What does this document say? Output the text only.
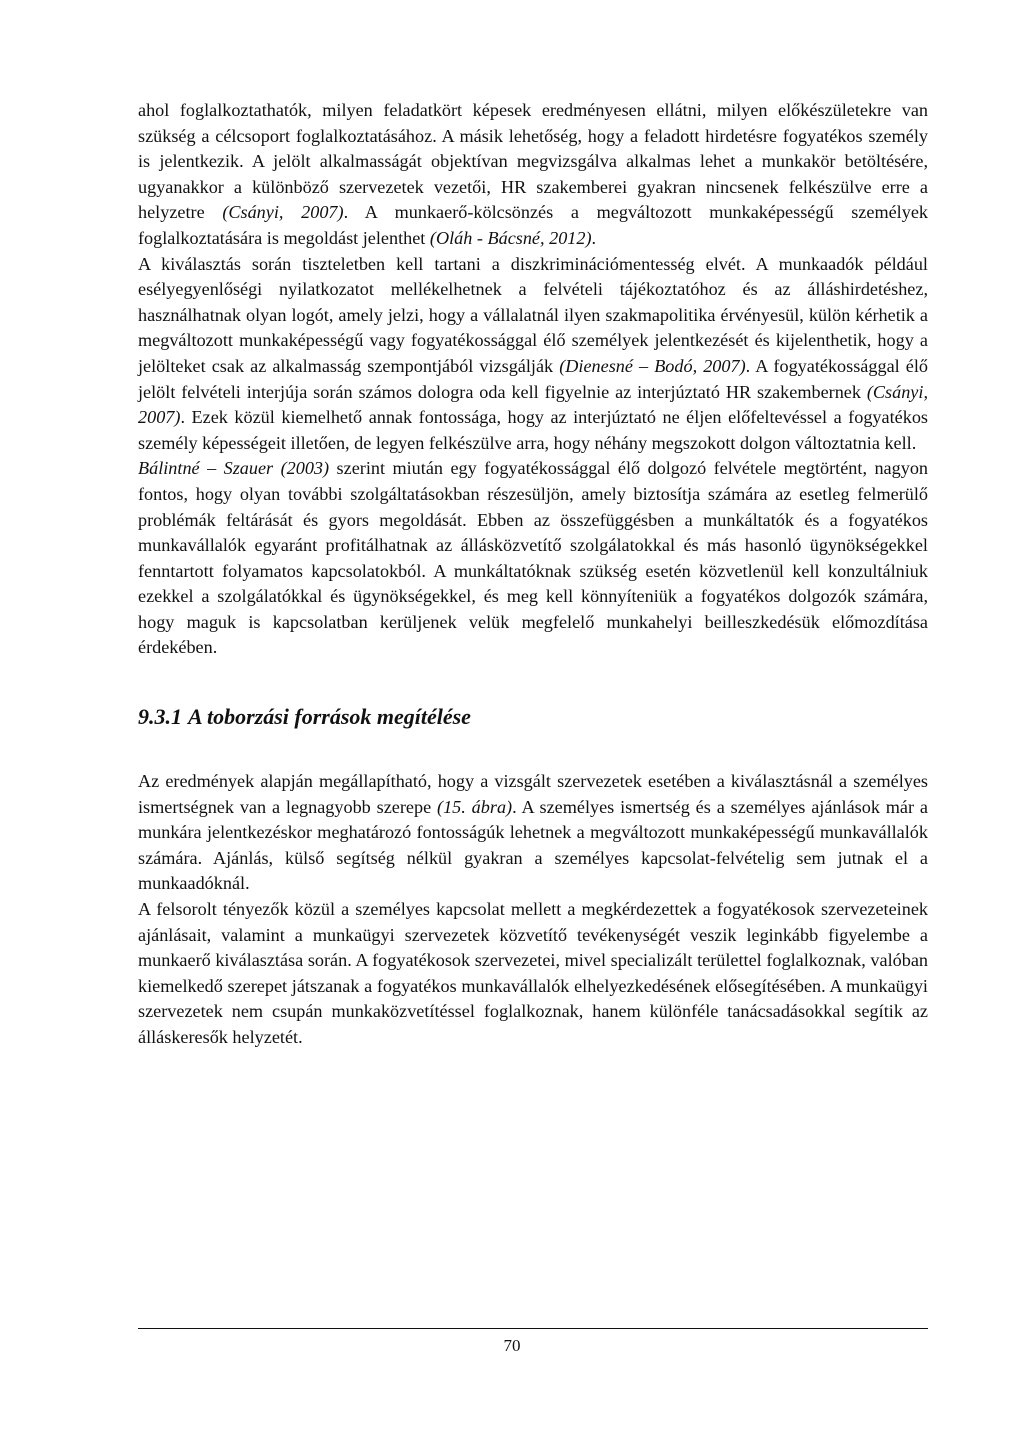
ahol foglalkoztathatók, milyen feladatkört képesek eredményesen ellátni, milyen előkészületekre van szükség a célcsoport foglalkoztatásához. A másik lehetőség, hogy a feladott hirdetésre fogyatékos személy is jelentkezik. A jelölt alkalmasságát objektívan megvizsgálva alkalmas lehet a munkakör betöltésére, ugyanakkor a különböző szervezetek vezetői, HR szakemberei gyakran nincsenek felkészülve erre a helyzetre (Csányi, 2007). A munkaerő-kölcsönzés a megváltozott munkaképességű személyek foglalkoztatására is megoldást jelenthet (Oláh - Bácsné, 2012).

A kiválasztás során tiszteletben kell tartani a diszkriminációmentesség elvét. A munkaadók például esélyegyenlőségi nyilatkozatot mellékelhetnek a felvételi tájékoztatóhoz és az álláshirdetéshez, használhatnak olyan logót, amely jelzi, hogy a vállalatnál ilyen szakmapolitika érvényesül, külön kérhetik a megváltozott munkaképességű vagy fogyatékossággal élő személyek jelentkezését és kijelenthetik, hogy a jelölteket csak az alkalmasság szempontjából vizsgálják (Dienesné – Bodó, 2007). A fogyatékossággal élő jelölt felvételi interjúja során számos dologra oda kell figyelnie az interjúztató HR szakembernek (Csányi, 2007). Ezek közül kiemelhető annak fontossága, hogy az interjúztató ne éljen előfeltevéssel a fogyatékos személy képességeit illetően, de legyen felkészülve arra, hogy néhány megszokott dolgon változtatnia kell.

Bálintné – Szauer (2003) szerint miután egy fogyatékossággal élő dolgozó felvétele megtörtént, nagyon fontos, hogy olyan további szolgáltatásokban részesüljön, amely biztosítja számára az esetleg felmerülő problémák feltárását és gyors megoldását. Ebben az összefüggésben a munkáltatók és a fogyatékos munkavállalók egyaránt profitálhatnak az állásközvetítő szolgálatokkal és más hasonló ügynökségekkel fenntartott folyamatos kapcsolatokból. A munkáltatóknak szükség esetén közvetlenül kell konzultálniuk ezekkel a szolgálatókkal és ügynökségekkel, és meg kell könnyíteniük a fogyatékos dolgozók számára, hogy maguk is kapcsolatban kerüljenek velük megfelelő munkahelyi beilleszkedésük előmozdítása érdekében.

9.3.1 A toborzási források megítélése

Az eredmények alapján megállapítható, hogy a vizsgált szervezetek esetében a kiválasztásnál a személyes ismertségnek van a legnagyobb szerepe (15. ábra). A személyes ismertség és a személyes ajánlások már a munkára jelentkezéskor meghatározó fontosságúk lehetnek a megváltozott munkaképességű munkavállalók számára. Ajánlás, külső segítség nélkül gyakran a személyes kapcsolat-felvételig sem jutnak el a munkaadóknál.

A felsorolt tényezők közül a személyes kapcsolat mellett a megkérdezettek a fogyatékosok szervezeteinek ajánlásait, valamint a munkaügyi szervezetek közvetítő tevékenységét veszik leginkább figyelembe a munkaerő kiválasztása során. A fogyatékosok szervezetei, mivel specializált területtel foglalkoznak, valóban kiemelkedő szerepet játszanak a fogyatékos munkavállalók elhelyezkedésének elősegítésében. A munkaügyi szervezetek nem csupán munkaközvetítéssel foglalkoznak, hanem különféle tanácsadásokkal segítik az álláskeresők helyzetét.

70
